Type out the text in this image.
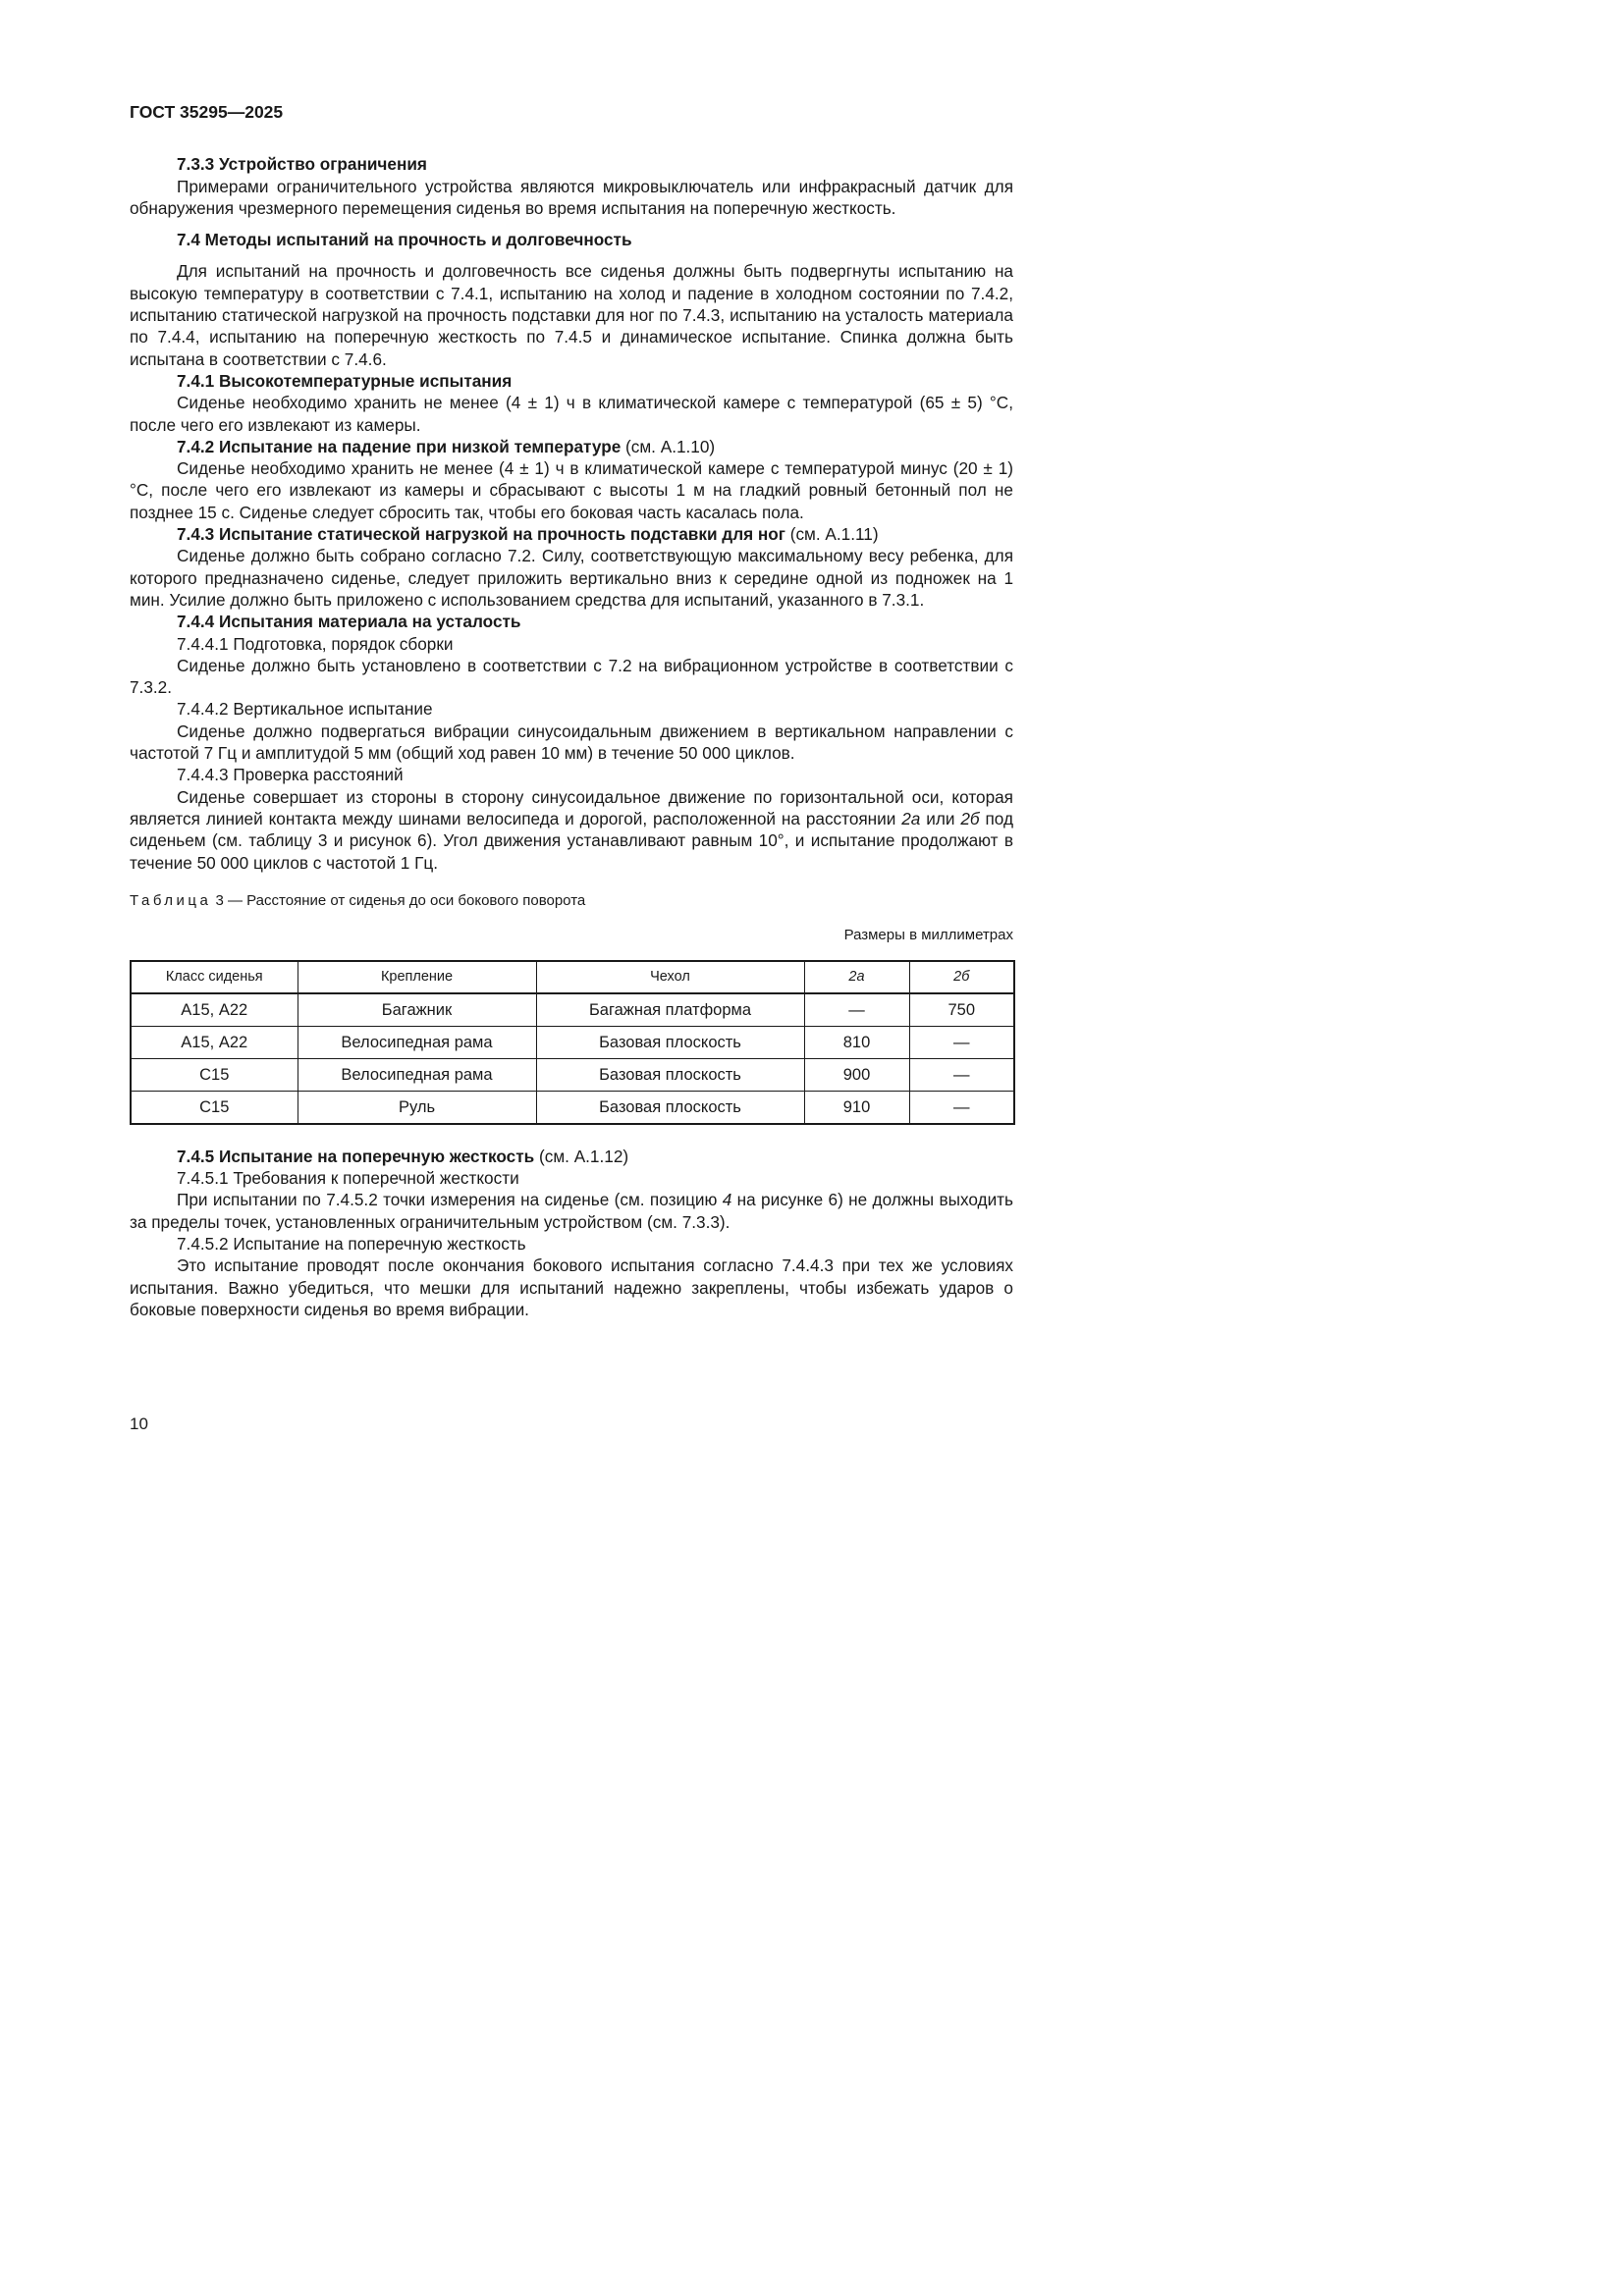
ГОСТ 35295—2025

7.3.3 Устройство ограничения

Примерами ограничительного устройства являются микровыключатель или инфракрасный датчик для обнаружения чрезмерного перемещения сиденья во время испытания на поперечную жесткость.

7.4 Методы испытаний на прочность и долговечность

Для испытаний на прочность и долговечность все сиденья должны быть подвергнуты испытанию на высокую температуру в соответствии с 7.4.1, испытанию на холод и падение в холодном состоянии по 7.4.2, испытанию статической нагрузкой на прочность подставки для ног по 7.4.3, испытанию на усталость материала по 7.4.4, испытанию на поперечную жесткость по 7.4.5 и динамическое испытание. Спинка должна быть испытана в соответствии с 7.4.6.

7.4.1 Высокотемпературные испытания

Сиденье необходимо хранить не менее (4 ± 1) ч в климатической камере с температурой (65 ± 5) °С, после чего его извлекают из камеры.

7.4.2 Испытание на падение при низкой температуре (см. А.1.10)

Сиденье необходимо хранить не менее (4 ± 1) ч в климатической камере с температурой минус (20 ± 1) °С, после чего его извлекают из камеры и сбрасывают с высоты 1 м на гладкий ровный бетонный пол не позднее 15 с. Сиденье следует сбросить так, чтобы его боковая часть касалась пола.

7.4.3 Испытание статической нагрузкой на прочность подставки для ног (см. А.1.11)

Сиденье должно быть собрано согласно 7.2. Силу, соответствующую максимальному весу ребенка, для которого предназначено сиденье, следует приложить вертикально вниз к середине одной из подножек на 1 мин. Усилие должно быть приложено с использованием средства для испытаний, указанного в 7.3.1.

7.4.4 Испытания материала на усталость

7.4.4.1 Подготовка, порядок сборки

Сиденье должно быть установлено в соответствии с 7.2 на вибрационном устройстве в соответствии с 7.3.2.

7.4.4.2 Вертикальное испытание

Сиденье должно подвергаться вибрации синусоидальным движением в вертикальном направлении с частотой 7 Гц и амплитудой 5 мм (общий ход равен 10 мм) в течение 50 000 циклов.

7.4.4.3 Проверка расстояний

Сиденье совершает из стороны в сторону синусоидальное движение по горизонтальной оси, которая является линией контакта между шинами велосипеда и дорогой, расположенной на расстоянии 2а или 2б под сиденьем (см. таблицу 3 и рисунок 6). Угол движения устанавливают равным 10°, и испытание продолжают в течение 50 000 циклов с частотой 1 Гц.

Таблица 3 — Расстояние от сиденья до оси бокового поворота

Размеры в миллиметрах

Класс сиденья	Крепление	Чехол	2а	2б
А15, А22	Багажник	Багажная платформа	—	750
А15, А22	Велосипедная рама	Базовая плоскость	810	—
С15	Велосипедная рама	Базовая плоскость	900	—
С15	Руль	Базовая плоскость	910	—

7.4.5 Испытание на поперечную жесткость (см. А.1.12)

7.4.5.1 Требования к поперечной жесткости

При испытании по 7.4.5.2 точки измерения на сиденье (см. позицию 4 на рисунке 6) не должны выходить за пределы точек, установленных ограничительным устройством (см. 7.3.3).

7.4.5.2 Испытание на поперечную жесткость

Это испытание проводят после окончания бокового испытания согласно 7.4.4.3 при тех же условиях испытания. Важно убедиться, что мешки для испытаний надежно закреплены, чтобы избежать ударов о боковые поверхности сиденья во время вибрации.

10
